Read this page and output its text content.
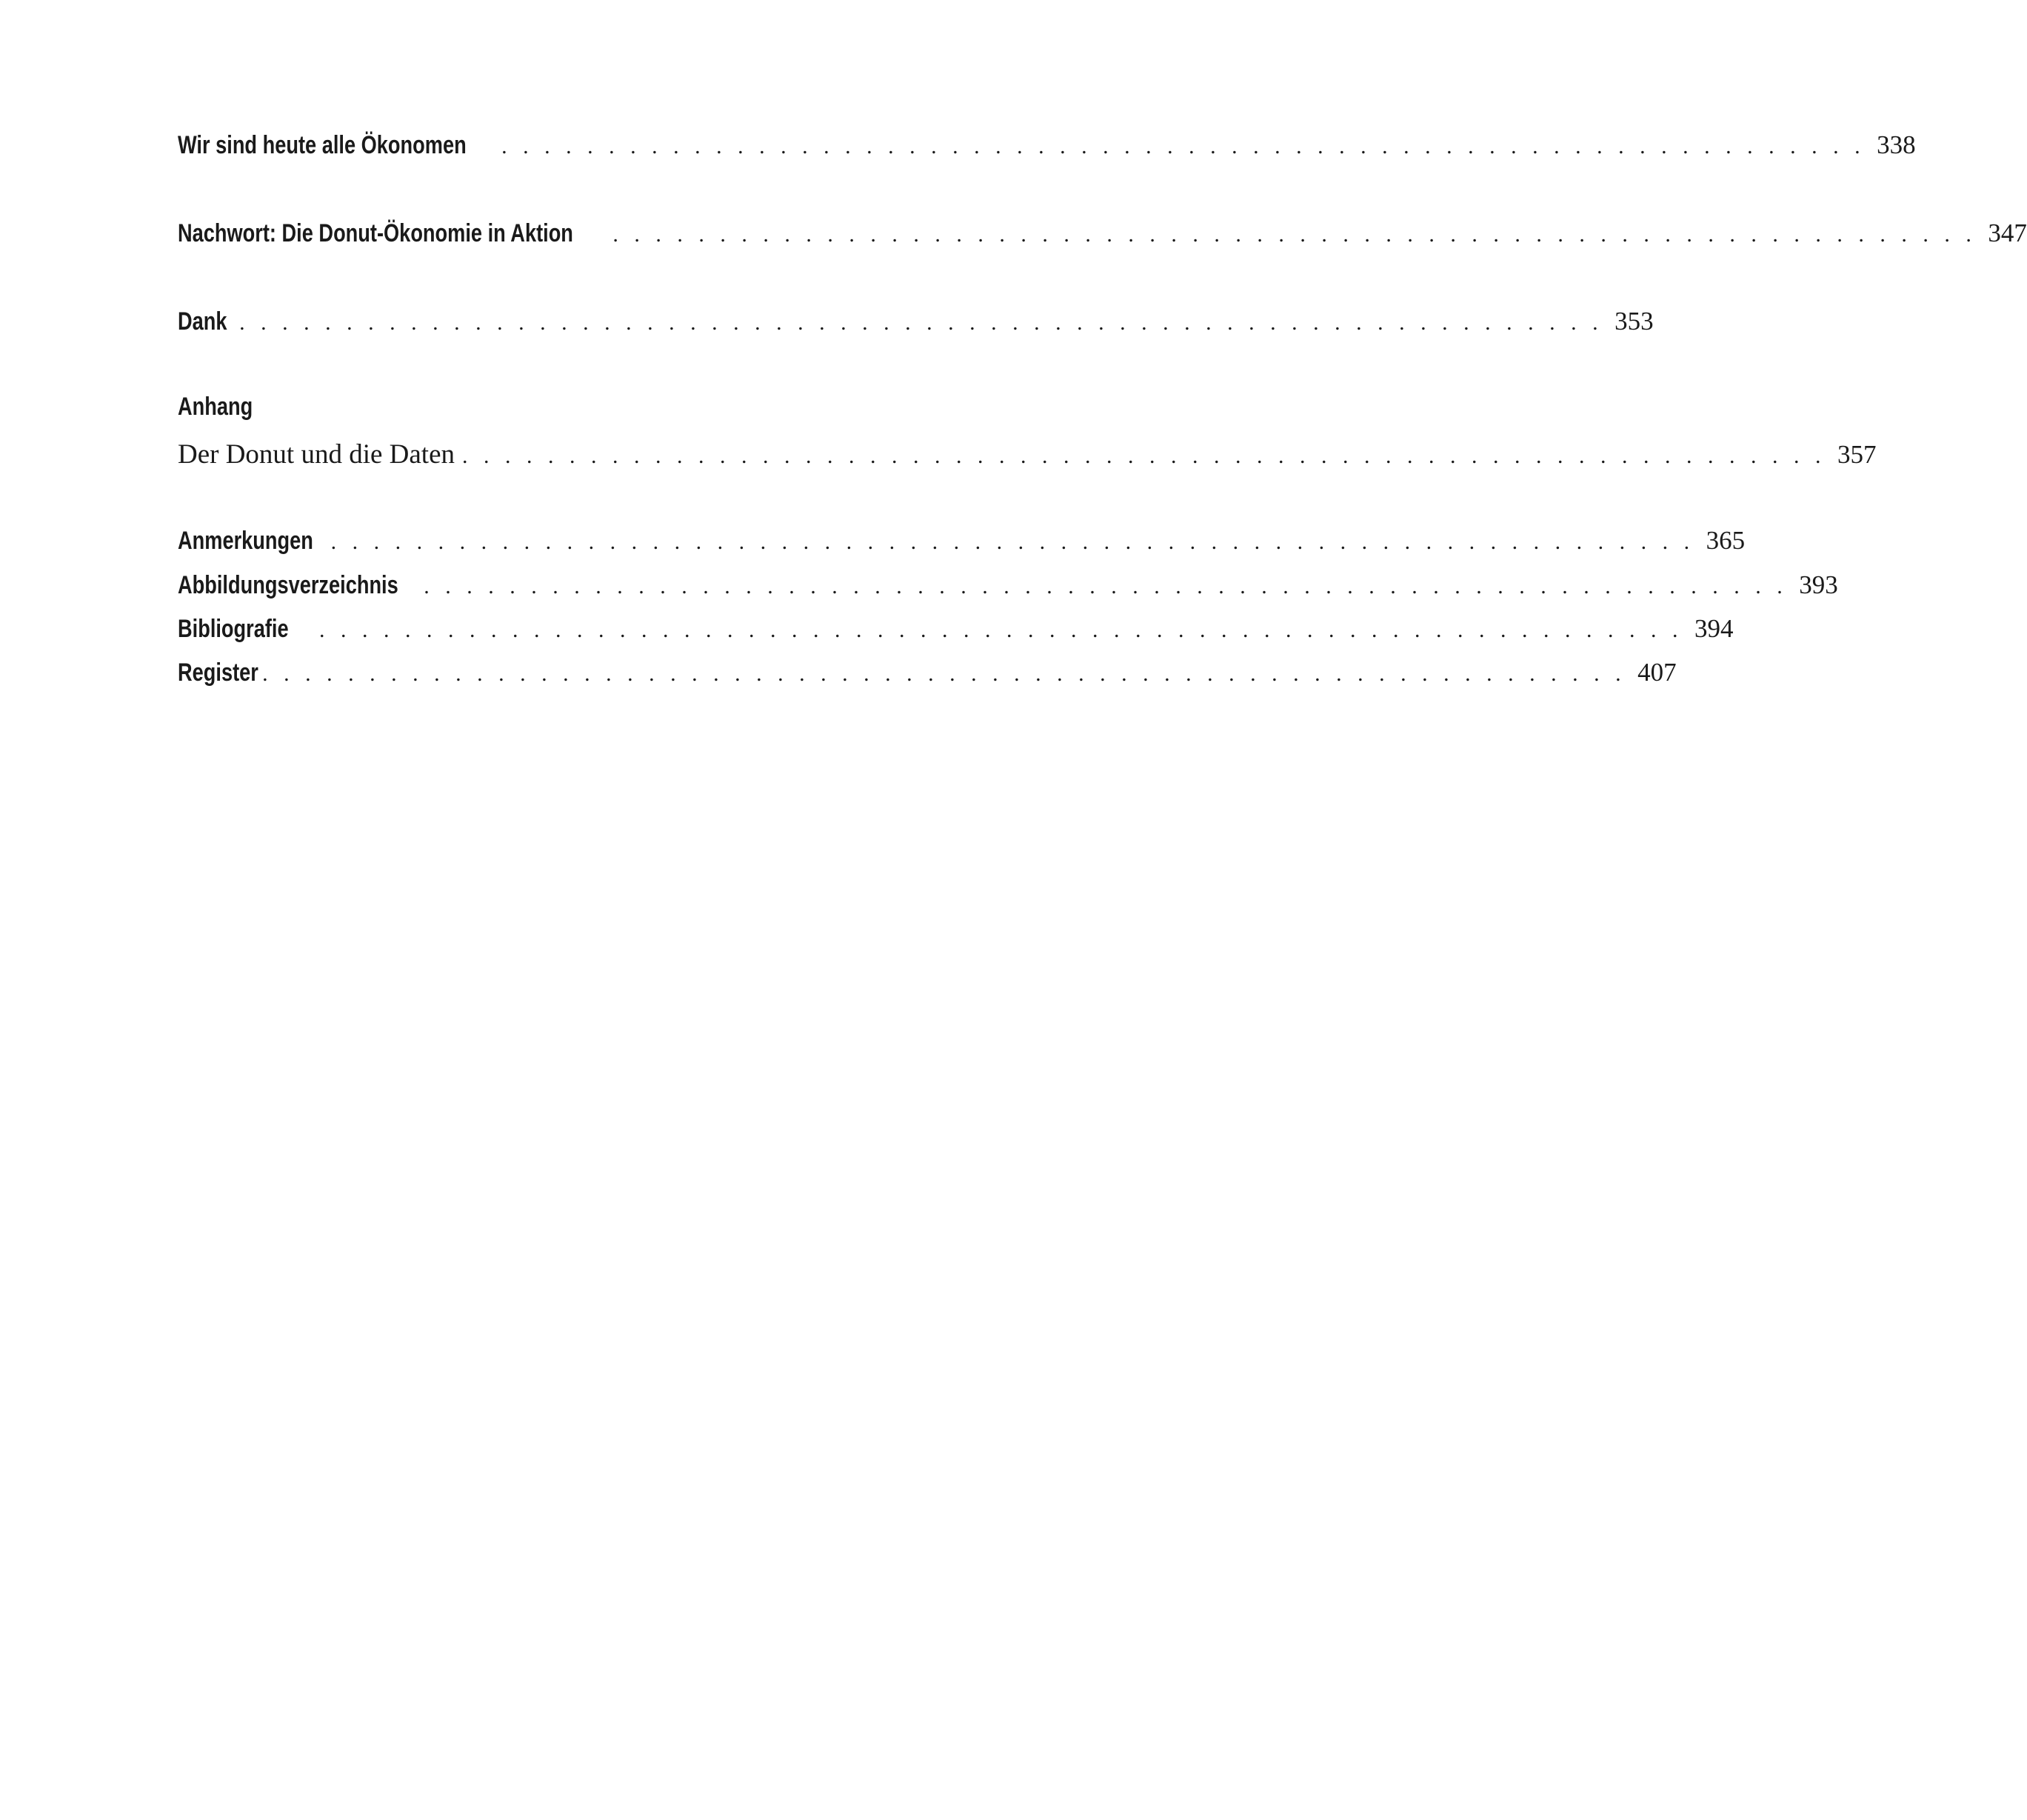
Wir sind heute alle Ökonomen . . . . . . . . . . . . . . . . . . . . . . . . . . . . . . . . . . . . . . . . . . . . . . . . . . . . . . . . . . . . . . . . 338
Nachwort: Die Donut-Ökonomie in Aktion . . . . . . . . . . . . . . . . . . . . . . . . . . . . . . . . . . . . . . . . . . . . . . . . . . . . . . . . . . . . . . . . 347
Dank . . . . . . . . . . . . . . . . . . . . . . . . . . . . . . . . . . . . . . . . . . . . . . . . . . . . . . . . . . . . . . . . 353
Anhang
Der Donut und die Daten . . . . . . . . . . . . . . . . . . . . . . . . . . . . . . . . . . . . . . . . . . . . . . . . . . . . . . . . . . . . . . . . 357
Anmerkungen . . . . . . . . . . . . . . . . . . . . . . . . . . . . . . . . . . . . . . . . . . . . . . . . . . . . . . . . . . . . . . . . 365
Abbildungsverzeichnis . . . . . . . . . . . . . . . . . . . . . . . . . . . . . . . . . . . . . . . . . . . . . . . . . . . . . . . . . . . . . . . . 393
Bibliografie . . . . . . . . . . . . . . . . . . . . . . . . . . . . . . . . . . . . . . . . . . . . . . . . . . . . . . . . . . . . . . . . 394
Register . . . . . . . . . . . . . . . . . . . . . . . . . . . . . . . . . . . . . . . . . . . . . . . . . . . . . . . . . . . . . . . . 407
